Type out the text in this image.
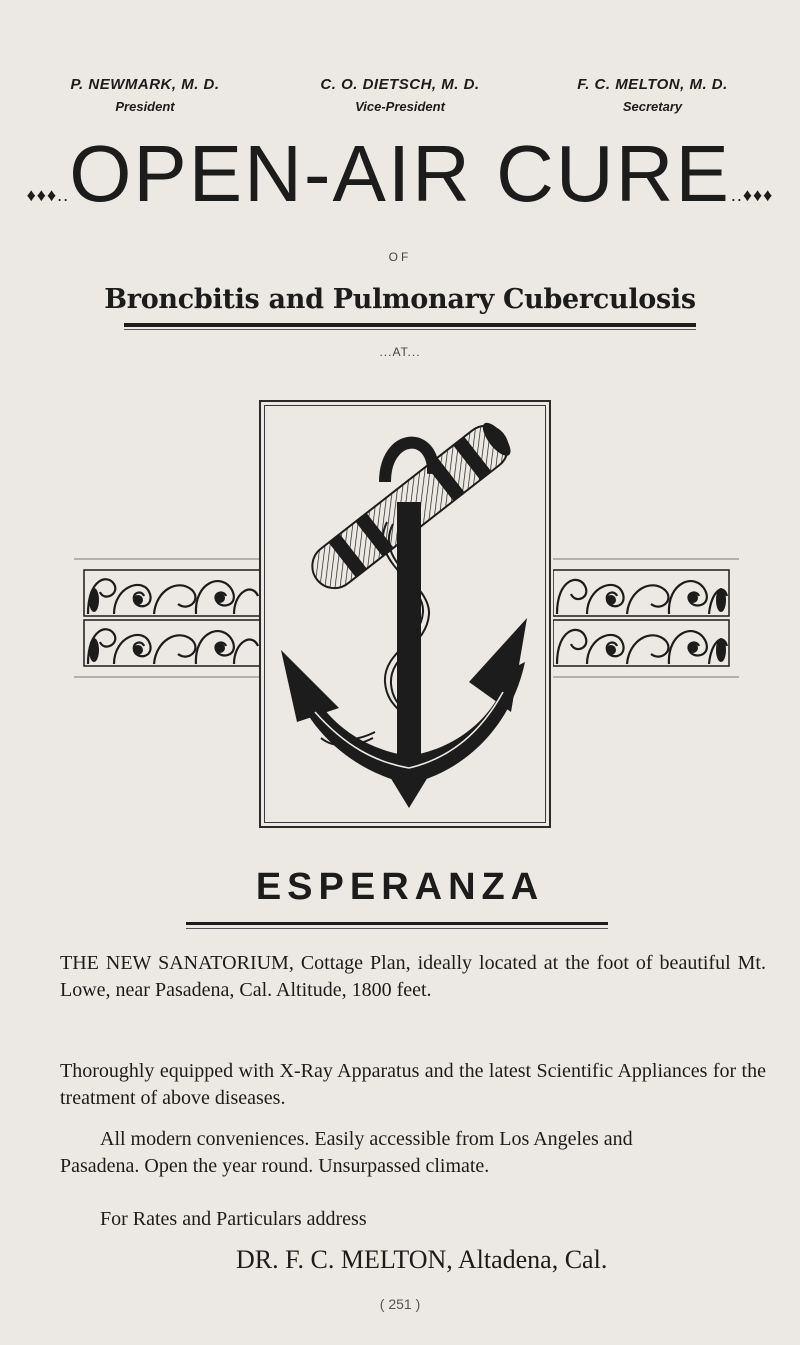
P. NEWMARK, M. D.
President
C. O. DIETSCH, M. D.
Vice-President
F. C. MELTON, M. D.
Secretary
♦♦♦..OPEN-AIR CURE..♦♦♦
OF
Broncbitis and Pulmonary Cuberculosis
...AT...
ESPERANZA
THE NEW SANATORIUM, Cottage Plan, ideally located at the foot of beautiful Mt. Lowe, near Pasadena, Cal. Altitude, 1800 feet.
Thoroughly equipped with X-Ray Apparatus and the latest Scientific Appliances for the treatment of above diseases.
All modern conveniences. Easily accessible from Los Angeles and
Pasadena. Open the year round. Unsurpassed climate.
For Rates and Particulars address
DR. F. C. MELTON, Altadena, Cal.
( 251 )
